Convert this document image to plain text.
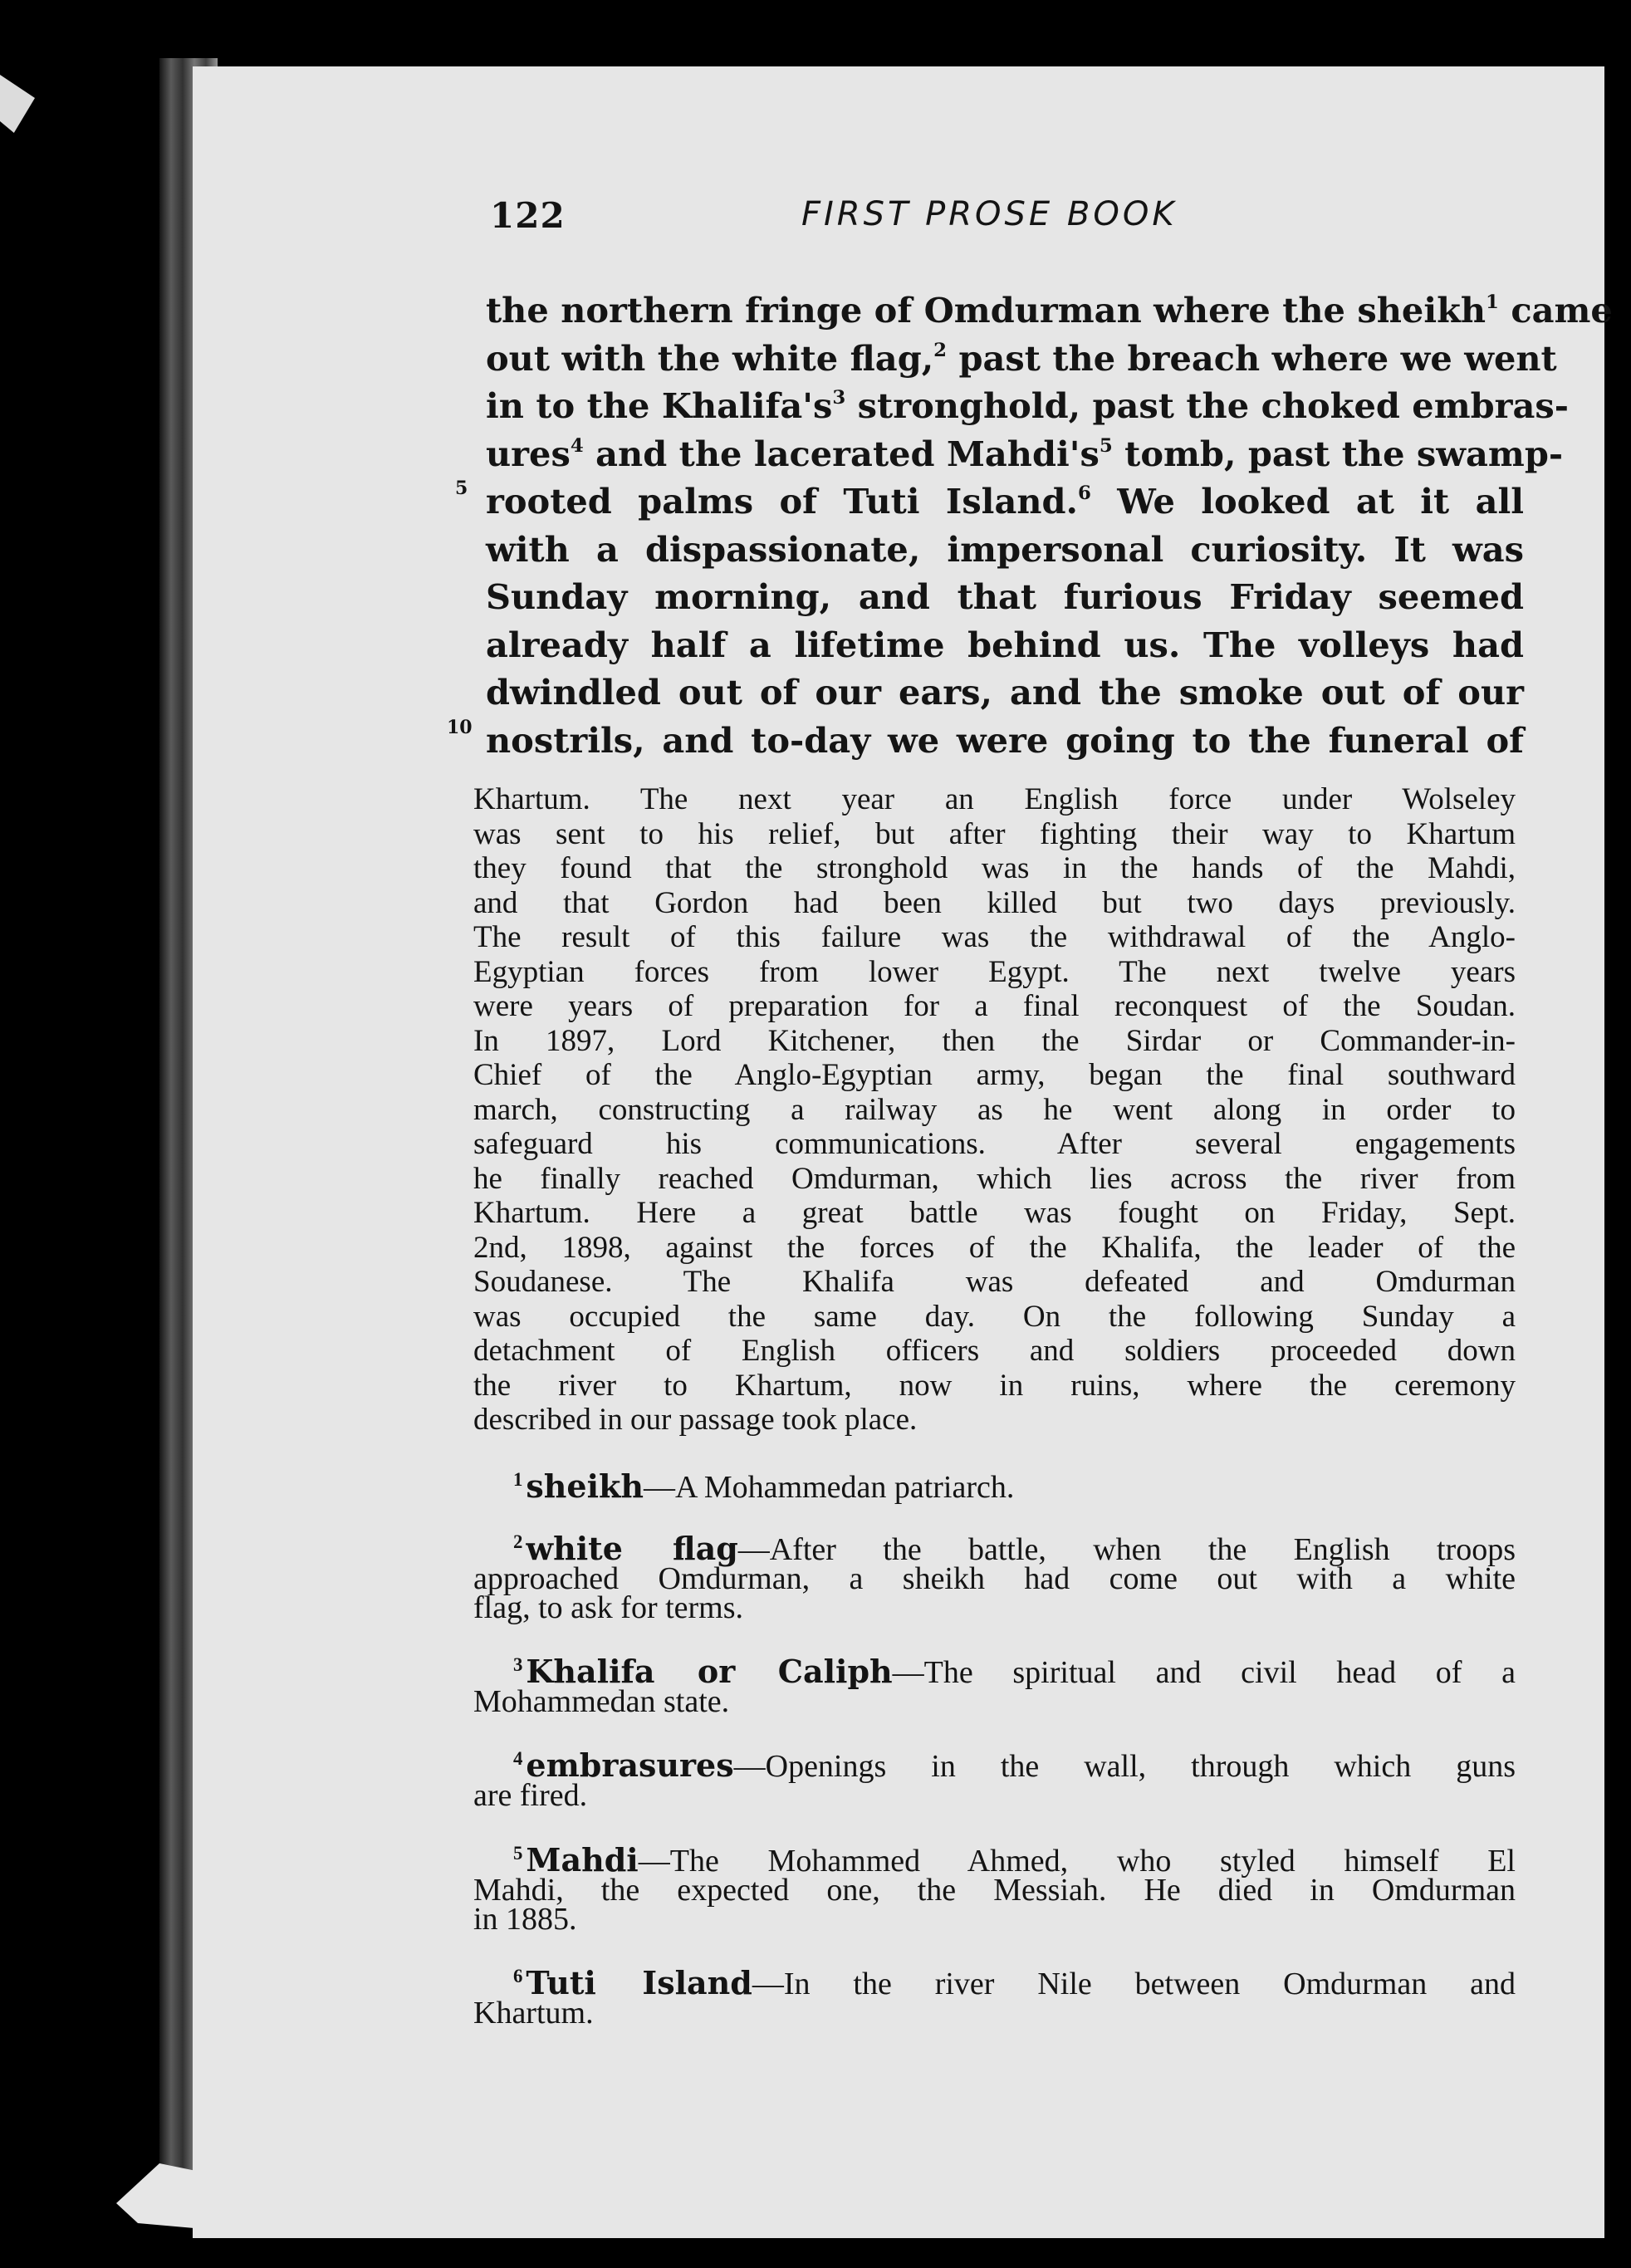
122	FIRST PROSE BOOK
5
10
the northern fringe of Omdurman where the sheikh$^1$ came
out with the white flag,$^2$ past the breach where we went
in to the $Khalifa's^3$ stronghold, past the choked embras-
ures$^4$ and the lacerated $Mahdi's^5$ tomb, past the swamp-
rooted palms of Tuti Island.$^6$ We looked at it all
with a dispassionate, impersonal curiosity. It was
Sunday morning, and that furious Friday seemed
already half a lifetime behind us. The volleys had
dwindled out of our ears, and the smoke out of our
nostrils, and to-day we were going to the funeral of
Khartum. The next year an English force under Wolseley
was sent to his relief, but after fighting their way to Khartum
they found that the stronghold was in the hands of the Mahdi,
and that Gordon had been killed but two days previously.
The result of this failure was the withdrawal of the Anglo-
Egyptian forces from lower Egypt. The next twelve years
were years of preparation for a final reconquest of the Soudan.
In 1897, Lord Kitchener, then the Sirdar or Commander-in-
Chief of the Anglo-Egyptian army, began the final southward
march, constructing a railway as he went along in order to
safeguard his communications. After several engagements
he finally reached Omdurman, which lies across the river from
Khartum. Here a great battle was fought on Friday, Sept.
2nd, 1898, against the forces of the Khalifa, the leader of the
Soudanese. The Khalifa was defeated and Omdurman
was occupied the same day. On the following Sunday a
detachment of English officers and soldiers proceeded down
the river to Khartum, now in ruins, where the ceremony
described in our passage took place.
$^1$ sheikh—A Mohammedan patriarch.
$^2$ white flag—After the battle, when the English troops
approached Omdurman, a sheikh had come out with a white
flag, to ask for terms.
$^3$ Khalifa or Caliph—The spiritual and civil head of a
Mohammedan state.
$^4$ embrasures—Openings in the wall, through which guns
are fired.
$^5$ Mahdi—The Mohammed Ahmed, who styled himself El
Mahdi, the expected one, the Messiah. He died in Omdurman
in 1885.
$^6$ Tuti Island—In the river Nile between Omdurman and
Khartum.
